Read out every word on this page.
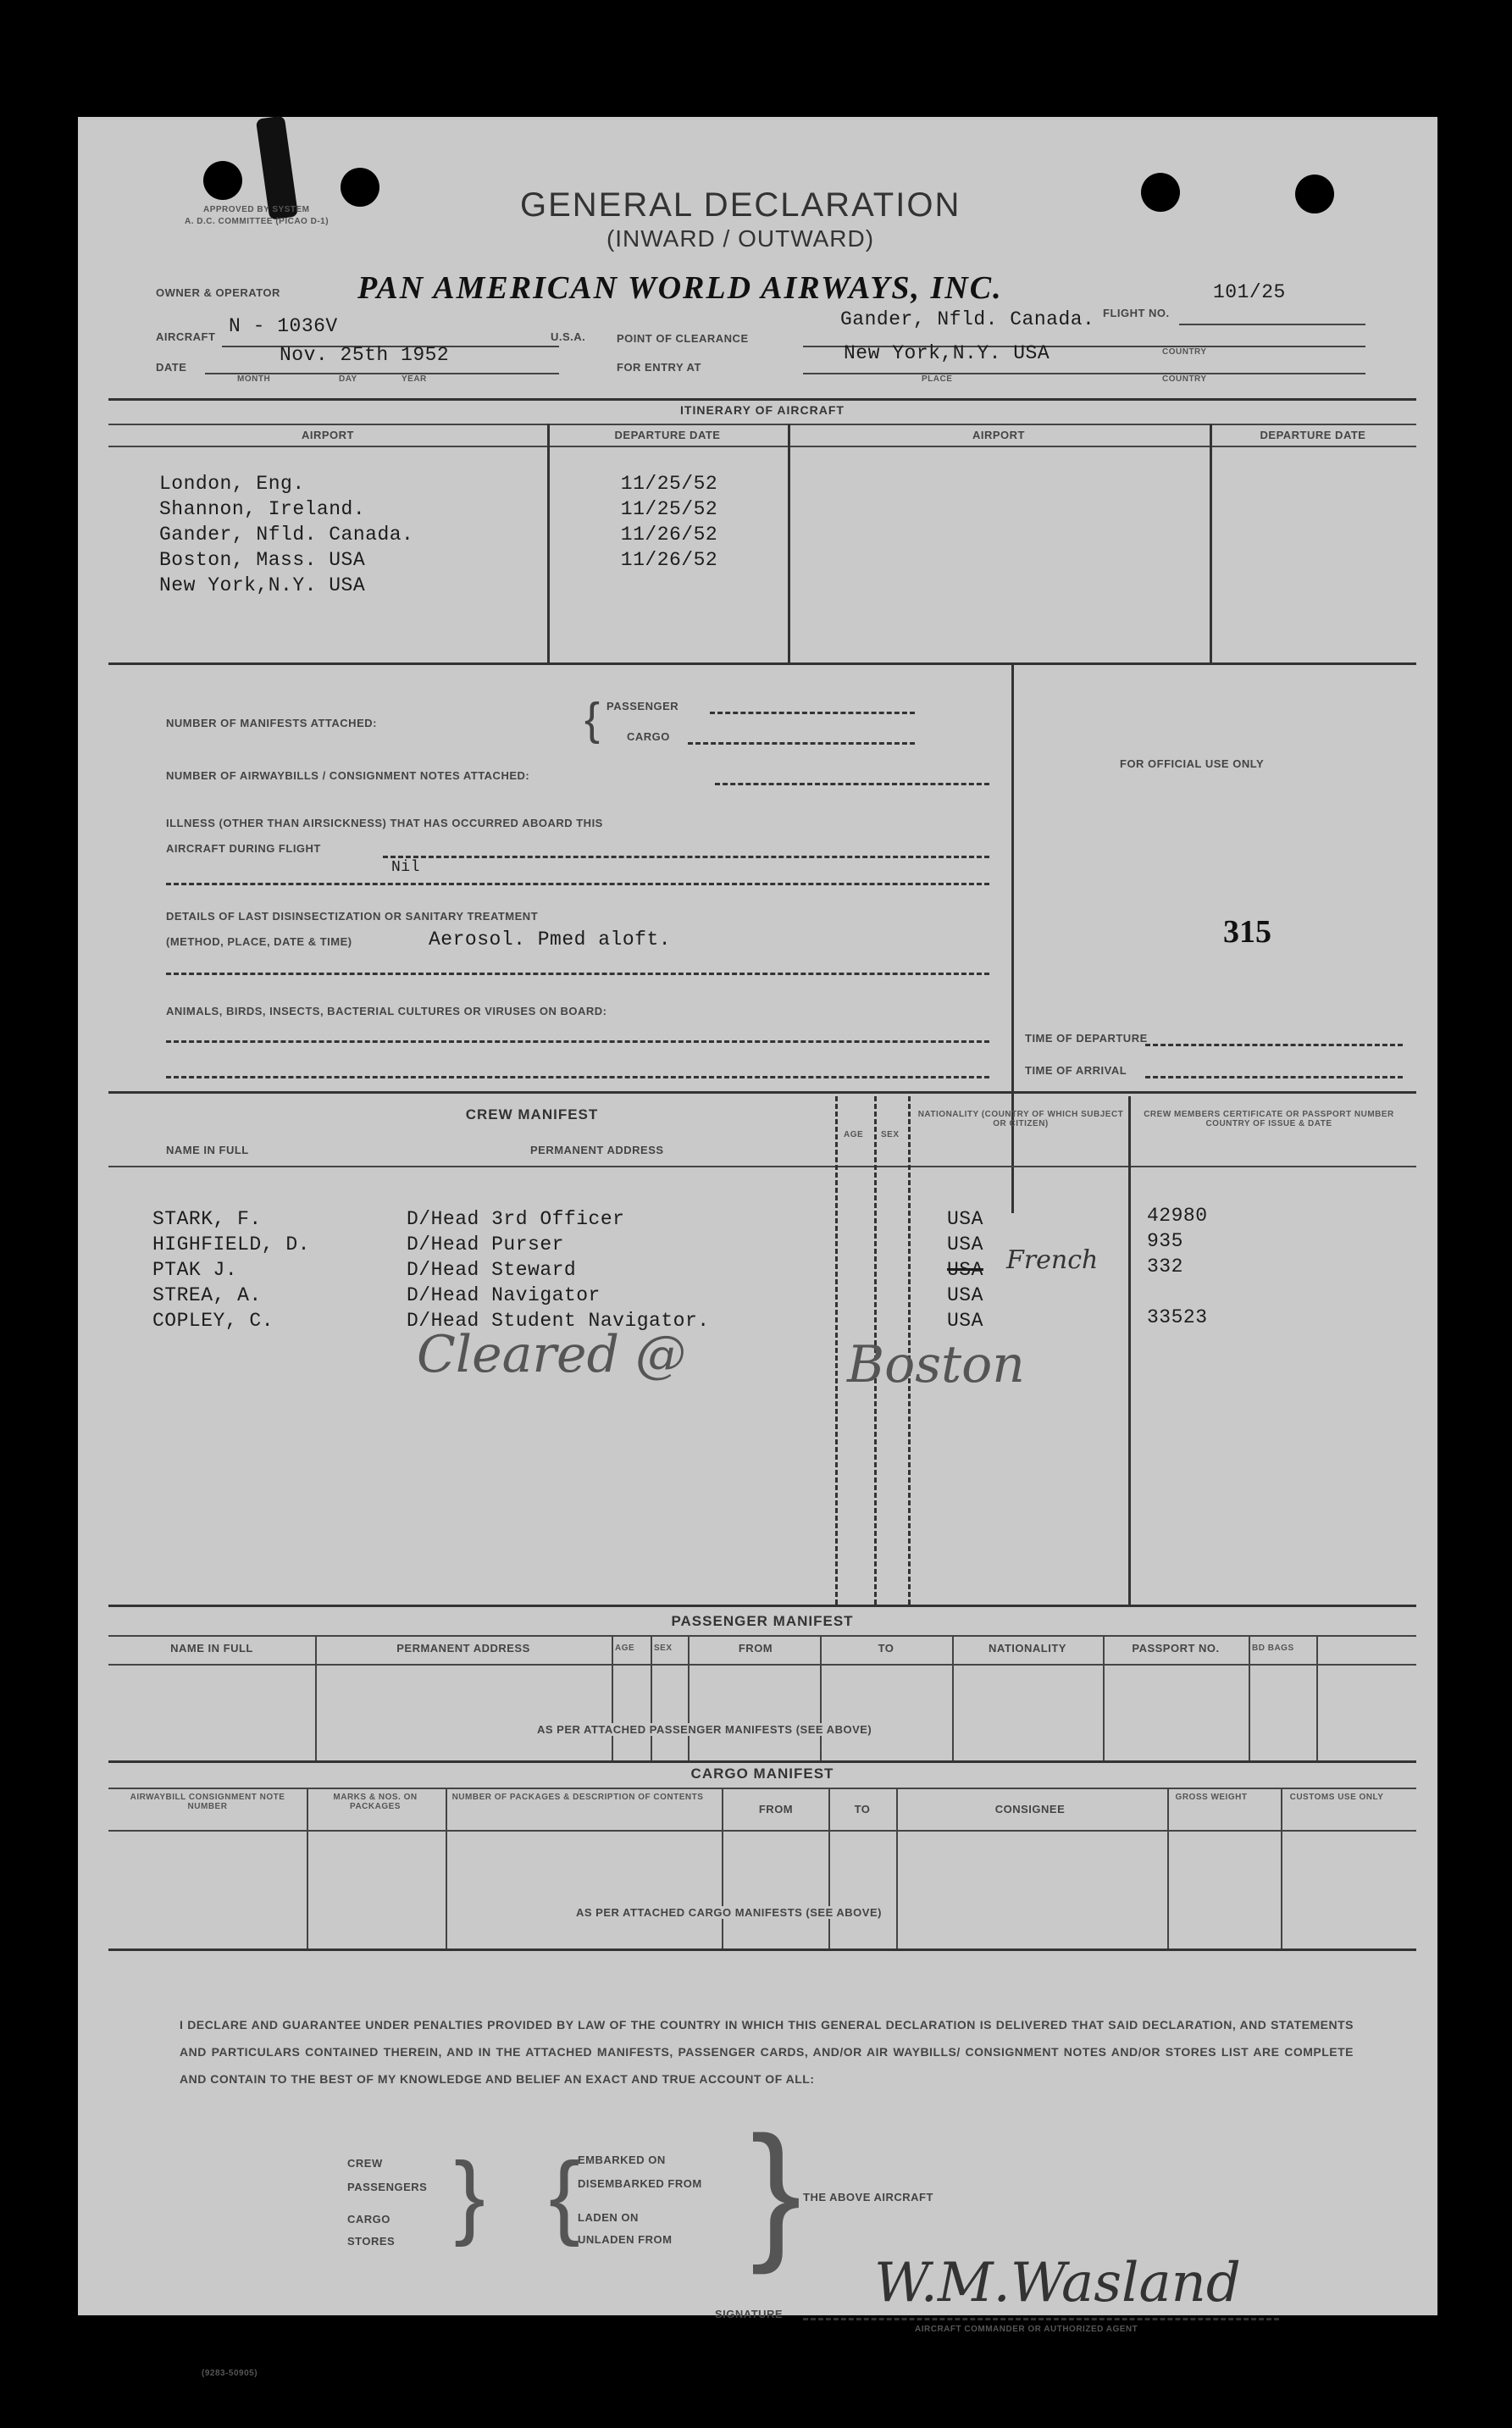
APPROVED BY SYSTEM
A. D.C. COMMITTEE (PICAO D-1)	GENERAL DECLARATION
(INWARD / OUTWARD)
OWNER & OPERATOR PAN AMERICAN WORLD AIRWAYS, INC.
FLIGHT NO.
101/25
AIRCRAFT N - 1036V	U.S.A.	POINT OF CLEARANCE
Gander, Nfld. Canada.
COUNTRY
DATE
Nov. 25th 1952
MONTH	DAY	YEAR
FOR ENTRY AT
New York,N.Y. USA
PLACE	COUNTRY
ITINERARY OF AIRCRAFT
AIRPORT	DEPARTURE DATE	AIRPORT	DEPARTURE DATE
London, Eng.	11/25/52
Shannon, Ireland.	11/25/52
Gander, Nfld. Canada.	11/26/52
Boston, Mass. USA	11/26/52
New York,N.Y. USA
NUMBER OF MANIFESTS ATTACHED:	{ PASSENGER
CARGO
NUMBER OF AIRWAYBILLS / CONSIGNMENT NOTES ATTACHED:
ILLNESS (OTHER THAN AIRSICKNESS) THAT HAS OCCURRED ABOARD THIS
AIRCRAFT DURING FLIGHT
Nil
DETAILS OF LAST DISINSECTIZATION OR SANITARY TREATMENT
(METHOD, PLACE, DATE & TIME)	Aerosol. Pmed aloft.
ANIMALS, BIRDS, INSECTS, BACTERIAL CULTURES OR VIRUSES ON BOARD:
FOR OFFICIAL USE ONLY
315
TIME OF DEPARTURE
TIME OF ARRIVAL
CREW MANIFEST
NAME IN FULL	PERMANENT ADDRESS
AGE SEX
NATIONALITY (COUNTRY OF WHICH SUBJECT OR CITIZEN)
CREW MEMBERS CERTIFICATE OR PASSPORT NUMBER COUNTRY OF ISSUE & DATE
STARK, F.	D/Head 3rd Officer	USA	42980
HIGHFIELD, D.	D/Head Purser	USA	935
PTAK J.	D/Head Steward	USA French	332
STREA, A.	D/Head Navigator	USA
COPLEY, C.	D/Head Student Navigator.	USA	33523
Cleared @	Boston
PASSENGER MANIFEST
NAME IN FULL	PERMANENT ADDRESS	AGE SEX	FROM	TO	NATIONALITY	PASSPORT NO.	BD BAGS
AS PER ATTACHED PASSENGER MANIFESTS (SEE ABOVE)
CARGO MANIFEST
AIRWAYBILL CONSIGNMENT NOTE NUMBER
MARKS & NOS. ON PACKAGES
NUMBER OF PACKAGES & DESCRIPTION OF CONTENTS
FROM	TO	CONSIGNEE
GROSS WEIGHT	CUSTOMS USE ONLY
AS PER ATTACHED CARGO MANIFESTS (SEE ABOVE)
I DECLARE AND GUARANTEE UNDER PENALTIES PROVIDED BY LAW OF THE COUNTRY IN WHICH THIS GENERAL DECLARATION IS DELIVERED THAT SAID DECLARATION, AND STATEMENTS AND PARTICULARS CONTAINED THEREIN, AND IN THE ATTACHED MANIFESTS, PASSENGER CARDS, AND/OR AIR WAYBILLS/ CONSIGNMENT NOTES AND/OR STORES LIST ARE COMPLETE AND CONTAIN TO THE BEST OF MY KNOWLEDGE AND BELIEF AN EXACT AND TRUE ACCOUNT OF ALL:
CREW
PASSENGERS
CARGO
STORES } {
EMBARKED ON
DISEMBARKED FROM
LADEN ON
UNLADEN FROM } THE ABOVE AIRCRAFT
SIGNATURE W.M.Wasland
AIRCRAFT COMMANDER OR AUTHORIZED AGENT
(9283-50905)
